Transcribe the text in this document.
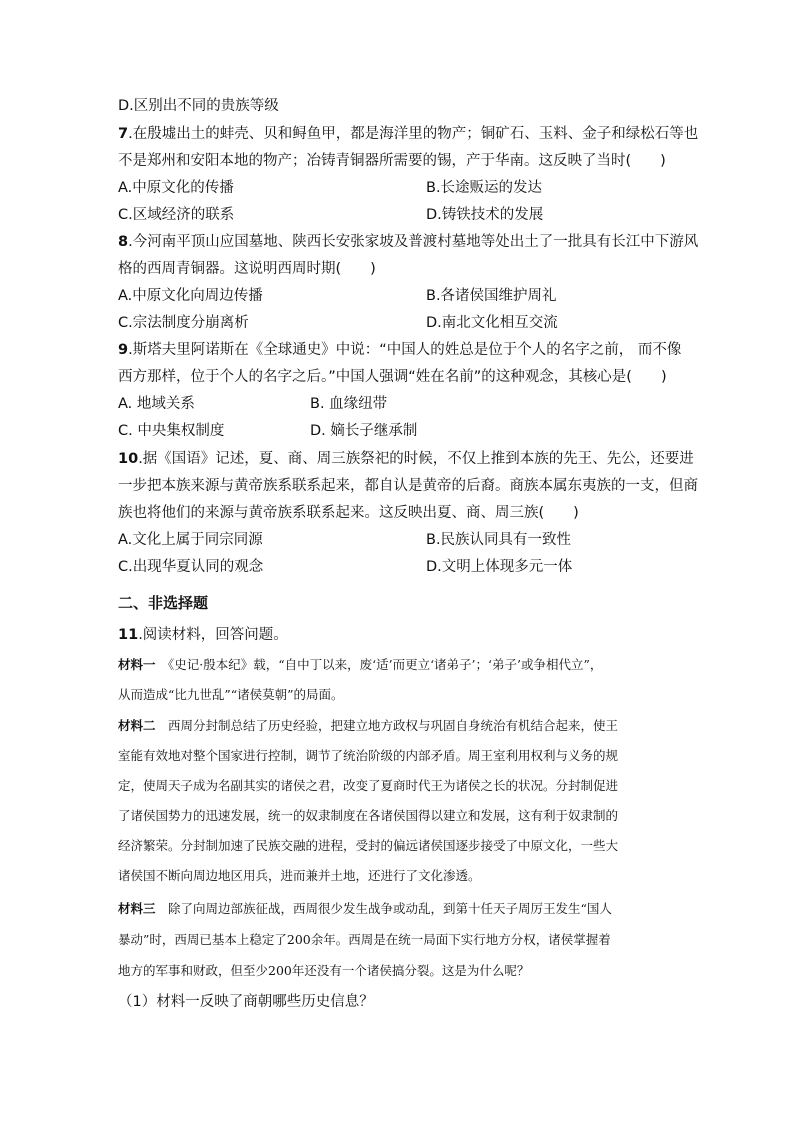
D.区别出不同的贵族等级
7.在殷墟出土的蚌壳、贝和鲟鱼甲，都是海洋里的物产；铜矿石、玉料、金子和绿松石等也
不是郑州和安阳本地的物产；冶铸青铜器所需要的锡，产于华南。这反映了当时(　　)
A.中原文化的传播	B.长途贩运的发达
C.区域经济的联系	D.铸铁技术的发展
8.今河南平顶山应国墓地、陕西长安张家坡及普渡村墓地等处出土了一批具有长江中下游风
格的西周青铜器。这说明西周时期(　　)
A.中原文化向周边传播	B.各诸侯国维护周礼
C.宗法制度分崩离析	D.南北文化相互交流
9.斯塔夫里阿诺斯在《全球通史》中说：“中国人的姓总是位于个人的名字之前， 而不像
西方那样，位于个人的名字之后。”中国人强调“姓在名前”的这种观念，其核心是(　　)
A. 地域关系	B. 血缘纽带
C. 中央集权制度	D. 嫡长子继承制
10.据《国语》记述，夏、商、周三族祭祀的时候，不仅上推到本族的先王、先公，还要进
一步把本族来源与黄帝族系联系起来，都自认是黄帝的后裔。商族本属东夷族的一支，但商
族也将他们的来源与黄帝族系联系起来。这反映出夏、商、周三族(　　)
A.文化上属于同宗同源	B.民族认同具有一致性
C.出现华夏认同的观念	D.文明上体现多元一体
二、非选择题
11.阅读材料，回答问题。
材料一　《史记·殷本纪》载，“自中丁以来，废‘适’而更立‘诸弟子’；‘弟子’或争相代立”，
从而造成“比九世乱”“诸侯莫朝”的局面。
材料二　西周分封制总结了历史经验，把建立地方政权与巩固自身统治有机结合起来，使王
室能有效地对整个国家进行控制，调节了统治阶级的内部矛盾。周王室利用权利与义务的规
定，使周天子成为名副其实的诸侯之君，改变了夏商时代王为诸侯之长的状况。分封制促进
了诸侯国势力的迅速发展，统一的奴隶制度在各诸侯国得以建立和发展，这有利于奴隶制的
经济繁荣。分封制加速了民族交融的进程，受封的偏远诸侯国逐步接受了中原文化，一些大
诸侯国不断向周边地区用兵，进而兼并土地，还进行了文化渗透。
材料三　除了向周边部族征战，西周很少发生战争或动乱，到第十任天子周厉王发生“国人
暴动”时，西周已基本上稳定了200余年。西周是在统一局面下实行地方分权，诸侯掌握着
地方的军事和财政，但至少200年还没有一个诸侯搞分裂。这是为什么呢？
（1）材料一反映了商朝哪些历史信息？
